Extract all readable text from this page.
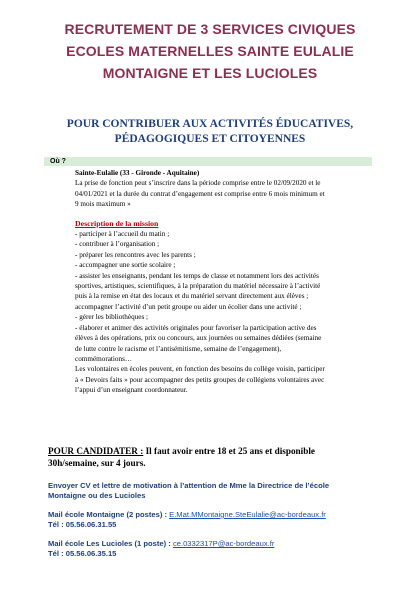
RECRUTEMENT DE 3 SERVICES CIVIQUES
ECOLES MATERNELLES SAINTE EULALIE
MONTAIGNE ET LES LUCIOLES
POUR CONTRIBUER AUX ACTIVITÉS ÉDUCATIVES,
PÉDAGOGIQUES ET CITOYENNES
Où ?
Sainte-Eulalie (33 - Gironde - Aquitaine)
La prise de fonction peut s’inscrire dans la période comprise entre le 02/09/2020 et le
04/01/2021 et la durée du contrat d’engagement est comprise entre 6 mois minimum et
9 mois maximum »
Description de la mission
- participer à l’accueil du matin ;
- contribuer à l’organisation ;
- préparer les rencontres avec les parents ;
- accompagner une sortie scolaire ;
- assister les enseignants, pendant les temps de classe et notamment lors des activités
sportives, artistiques, scientifiques, à la préparation du matériel nécessaire à l’activité
puis à la remise en état des locaux et du matériel servant directement aux élèves ;
accompagner l’activité d’un petit groupe ou aider un écolier dans une activité ;
- gérer les bibliothèques ;
- élaborer et animer des activités originales pour favoriser la participation active des
élèves à des opérations, prix ou concours, aux journées ou semaines dédiées (semaine
de lutte contre le racisme et l’antisémitisme, semaine de l’engagement),
commémorations…
Les volontaires en écoles peuvent, en fonction des besoins du collège voisin, participer
à « Devoirs faits » pour accompagner des petits groupes de collégiens volontaires avec
l’appui d’un enseignant coordonnateur.
POUR CANDIDATER : Il faut avoir entre 18 et 25 ans et disponible
30h/semaine, sur 4 jours.
Envoyer CV et lettre de motivation à l’attention de Mme la Directrice de l’école
Montaigne ou des Lucioles
Mail école Montaigne (2 postes) : E.Mat.MMontaigne.SteEulalie@ac-bordeaux.fr
Tél : 05.56.06.31.55
Mail école Les Lucioles (1 poste) : ce.0332317P@ac-bordeaux.fr
Tél : 05.56.06.35.15
